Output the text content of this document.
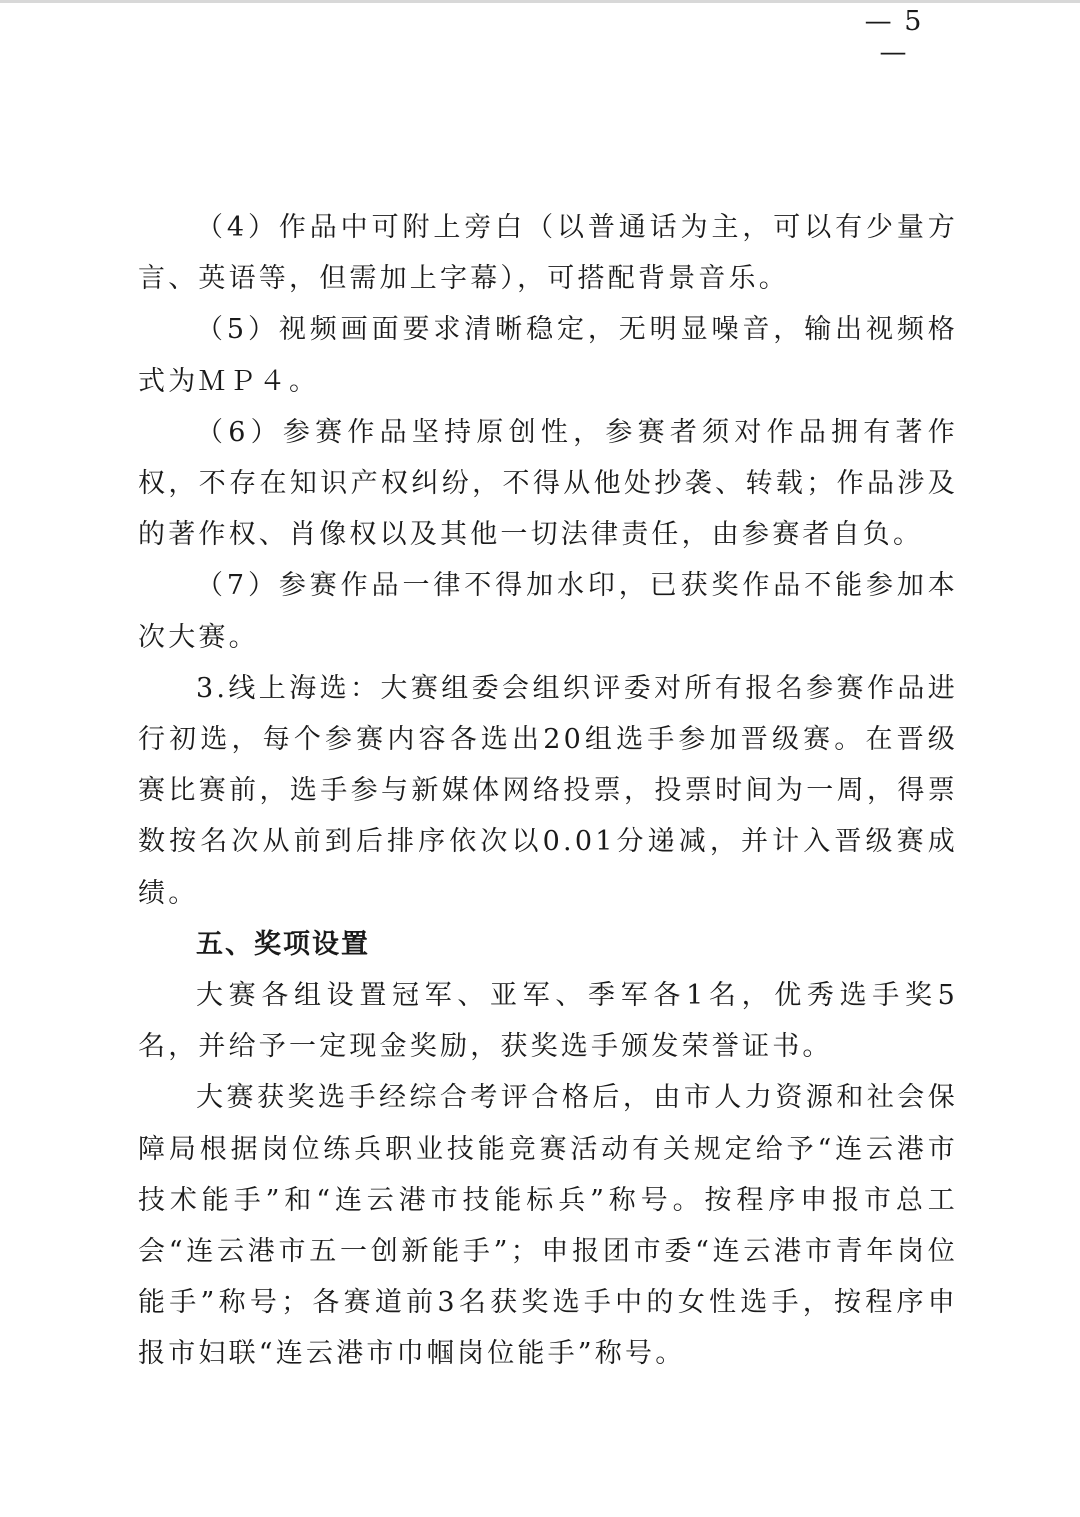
— 5 —

（4）作品中可附上旁白（以普通话为主，可以有少量方言、英语等，但需加上字幕），可搭配背景音乐。

（5）视频画面要求清晰稳定，无明显噪音，输出视频格式为ＭＰ４。

（6）参赛作品坚持原创性，参赛者须对作品拥有著作权，不存在知识产权纠纷，不得从他处抄袭、转载；作品涉及的著作权、肖像权以及其他一切法律责任，由参赛者自负。

（7）参赛作品一律不得加水印，已获奖作品不能参加本次大赛。

3.线上海选：大赛组委会组织评委对所有报名参赛作品进行初选，每个参赛内容各选出20组选手参加晋级赛。在晋级赛比赛前，选手参与新媒体网络投票，投票时间为一周，得票数按名次从前到后排序依次以0.01分递减，并计入晋级赛成绩。

五、奖项设置

大赛各组设置冠军、亚军、季军各1名，优秀选手奖5名，并给予一定现金奖励，获奖选手颁发荣誉证书。

大赛获奖选手经综合考评合格后，由市人力资源和社会保障局根据岗位练兵职业技能竞赛活动有关规定给予“连云港市技术能手”和“连云港市技能标兵”称号。按程序申报市总工会“连云港市五一创新能手”；申报团市委“连云港市青年岗位能手”称号；各赛道前3名获奖选手中的女性选手，按程序申报市妇联“连云港市巾帼岗位能手”称号。
